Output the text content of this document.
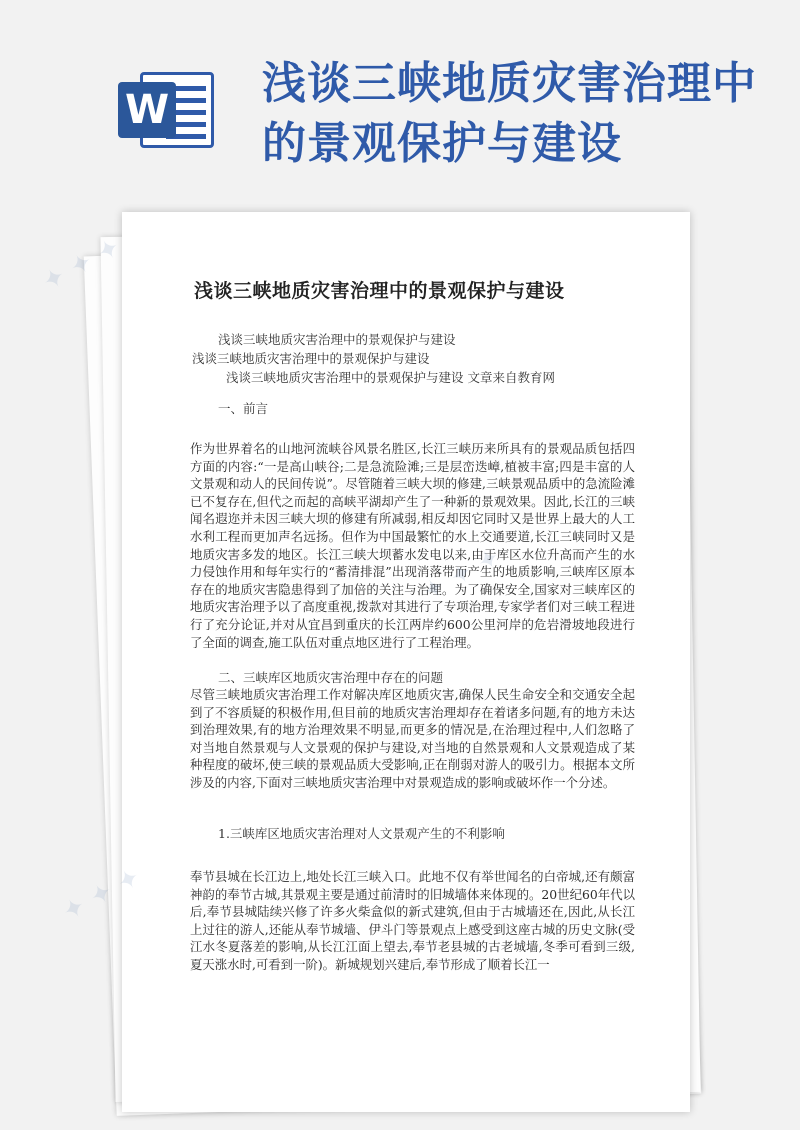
W
浅谈三峡地质灾害治理中的景观保护与建设
浅谈三峡地质灾害治理中的景观保护与建设
浅谈三峡地质灾害治理中的景观保护与建设
浅谈三峡地质灾害治理中的景观保护与建设
浅谈三峡地质灾害治理中的景观保护与建设 文章来自教育网
一、前言
作为世界着名的山地河流峡谷风景名胜区,长江三峡历来所具有的景观品质包括四方面的内容:“一是高山峡谷;二是急流险滩;三是层峦迭嶂,植被丰富;四是丰富的人文景观和动人的民间传说”。尽管随着三峡大坝的修建,三峡景观品质中的急流险滩已不复存在,但代之而起的高峡平湖却产生了一种新的景观效果。因此,长江的三峡闻名遐迩并未因三峡大坝的修建有所减弱,相反却因它同时又是世界上最大的人工水利工程而更加声名远扬。但作为中国最繁忙的水上交通要道,长江三峡同时又是地质灾害多发的地区。长江三峡大坝蓄水发电以来,由于库区水位升高而产生的水力侵蚀作用和每年实行的“蓄清排混”出现消落带而产生的地质影响,三峡库区原本存在的地质灾害隐患得到了加倍的关注与治理。为了确保安全,国家对三峡库区的地质灾害治理予以了高度重视,拨款对其进行了专项治理,专家学者们对三峡工程进行了充分论证,并对从宜昌到重庆的长江两岸约600公里河岸的危岩滑坡地段进行了全面的调查,施工队伍对重点地区进行了工程治理。
二、三峡库区地质灾害治理中存在的问题
尽管三峡地质灾害治理工作对解决库区地质灾害,确保人民生命安全和交通安全起到了不容质疑的积极作用,但目前的地质灾害治理却存在着诸多问题,有的地方未达到治理效果,有的地方治理效果不明显,而更多的情况是,在治理过程中,人们忽略了对当地自然景观与人文景观的保护与建设,对当地的自然景观和人文景观造成了某种程度的破坏,使三峡的景观品质大受影响,正在削弱对游人的吸引力。根据本文所涉及的内容,下面对三峡地质灾害治理中对景观造成的影响或破坏作一个分述。
1.三峡库区地质灾害治理对人文景观产生的不利影响
奉节县城在长江边上,地处长江三峡入口。此地不仅有举世闻名的白帝城,还有颇富神韵的奉节古城,其景观主要是通过前清时的旧城墙体来体现的。20世纪60年代以后,奉节县城陆续兴修了许多火柴盒似的新式建筑,但由于古城墙还在,因此,从长江上过往的游人,还能从奉节城墙、伊斗门等景观点上感受到这座古城的历史文脉(受江水冬夏落差的影响,从长江江面上望去,奉节老县城的古老城墙,冬季可看到三级,夏天涨水时,可看到一阶)。新城规划兴建后,奉节形成了顺着长江一
✦ ✦ ✦
✦ ✦ ✦
